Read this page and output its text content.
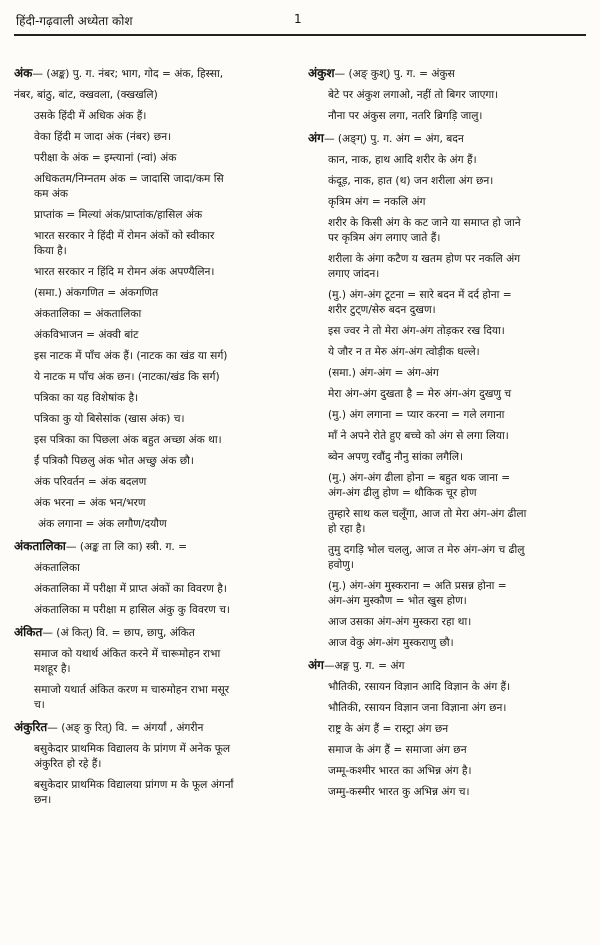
हिंदी-गढ़वाली अध्येता कोश	1
अंक— (अङ्क) पु. ग. नंबर; भाग, गोद = अंक, हिस्सा,
नंबर, बांठु, बांट, क्खवला, (क्खखलि)
उसके हिंदी में अधिक अंक हैं।
वेका हिंदी म जादा अंक (नंबर) छन।
परीक्षा के अंक = इम्त्यानां (न्वां) अंक
अधिकतम/निम्नतम अंक = जादासि जादा/कम सि
कम अंक
प्राप्तांक = मिल्यां अंक/प्राप्तांक/हासिल अंक
भारत सरकार ने हिंदी में रोमन अंकों को स्वीकार
किया है।
भारत सरकार न हिंदि म रोमन अंक अपण्यैलिन।
(समा.) अंकगणित = अंकगणित
अंकतालिका = अंकतालिका
अंकविभाजन = अंक्वी बांट
इस नाटक में पाँच अंक हैं। (नाटक का खंड या सर्ग)
ये नाटक म पाँच अंक छन। (नाटका/खंड कि सर्ग)
पत्रिका का यह विशेषांक है।
पत्रिका कु यो बिसेसांक (खास अंक) च।
इस पत्रिका का पिछला अंक बहुत अच्छा अंक था।
ईं पत्रिकौ पिछलु अंक भोत अच्छु अंक छौ।
अंक परिवर्तन = अंक बदलण
अंक भरना = अंक भन/भरण
अंक लगाना = अंक लगौण/दयौण
अंकतालिका— (अङ्क ता लि का) स्त्री. ग. =
अंकतालिका
अंकतालिका में परीक्षा में प्राप्त अंकों का विवरण है।
अंकतालिका म परीक्षा म हासिल अंकु कु विवरण च।
अंकित— (अं कित्) वि. = छाप, छापु, अंकित
समाज को यथार्थ अंकित करने में चारूमोहन राभा
मशहूर है।
समाजो यथार्त अंकित करण म चारुमोहन राभा मसूर
च।
अंकुरित— (अङ् कु रित्) वि. = अंगर्यां , अंगरीन
बसुकेदार प्राथमिक विद्यालय के प्रांगण में अनेक फूल
अंकुरित हो रहे हैं।
बसुकेदार प्राथमिक विद्यालया प्रांगण म के फूल अंगर्नां
छन।
अंकुश— (अङ् कुश्) पु. ग. = अंकुस
बेटे पर अंकुश लगाओ, नहीं तो बिगर जाएगा।
नौना पर अंकुस लगा, नतरि ब्रिगड़ि जालु।
अंग— (अङ्ग्) पु. ग. अंग = अंग, बदन
कान, नाक, हाथ आदि शरीर के अंग हैं।
कंदूड़, नाक, हात (थ) जन शरीला अंग छन।
कृत्रिम अंग = नकलि अंग
शरीर के किसी अंग के कट जाने या समाप्त हो जाने
पर कृत्रिम अंग लगाए जाते हैं।
शरीला के अंगा कटैण य खतम होण पर नकलि अंग
लगाए जांदन।
(मु.) अंग-अंग टूटना = सारे बदन में दर्द होना =
शरीर टुट्ण/सेरु बदन दुखण।
इस ज्वर ने तो मेरा अंग-अंग तोड़कर रख दिया।
ये जौर न त मेरु अंग-अंग त्वोड़ीक धल्ले।
(समा.) अंग-अंग = अंग-अंग
मेरा अंग-अंग दुखता है = मेरु अंग-अंग दुखणु च
(मु.) अंग लगाना = प्यार करना = गले लगाना
माँ ने अपने रोते हुए बच्चे को अंग से लगा लिया।
ब्वेन अपणु रवौंदु नौनु सांका लगैलि।
(मु.) अंग-अंग ढीला होना = बहुत थक जाना =
अंग-अंग ढीलु होण = थौकिक चूर होण
तुम्हारे साथ कल चलूँगा, आज तो मेरा अंग-अंग ढीला
हो रहा है।
तुमु दगड़ि भोल चललु, आज त मेरु अंग-अंग च ढीलु
हवोणु।
(मु.) अंग-अंग मुस्कराना = अति प्रसन्न होना =
अंग-अंग मुस्कौण = भोत खुस होण।
आज उसका अंग-अंग मुस्करा रहा था।
आज वेकु अंग-अंग मुस्कराणु छौ।
अंग—अङ्ग पु. ग. = अंग
भौतिकी, रसायन विज्ञान आदि विज्ञान के अंग हैं।
भौतिकी, रसायन विज्ञान जना विज्ञाना अंग छन।
राष्ट्र के अंग हैं = रास्ट्रा अंग छन
समाज के अंग हैं = समाजा अंग छन
जम्मू-कश्मीर भारत का अभिन्न अंग है।
जम्मु-कस्मीर भारत कु अभिन्न अंग च।
